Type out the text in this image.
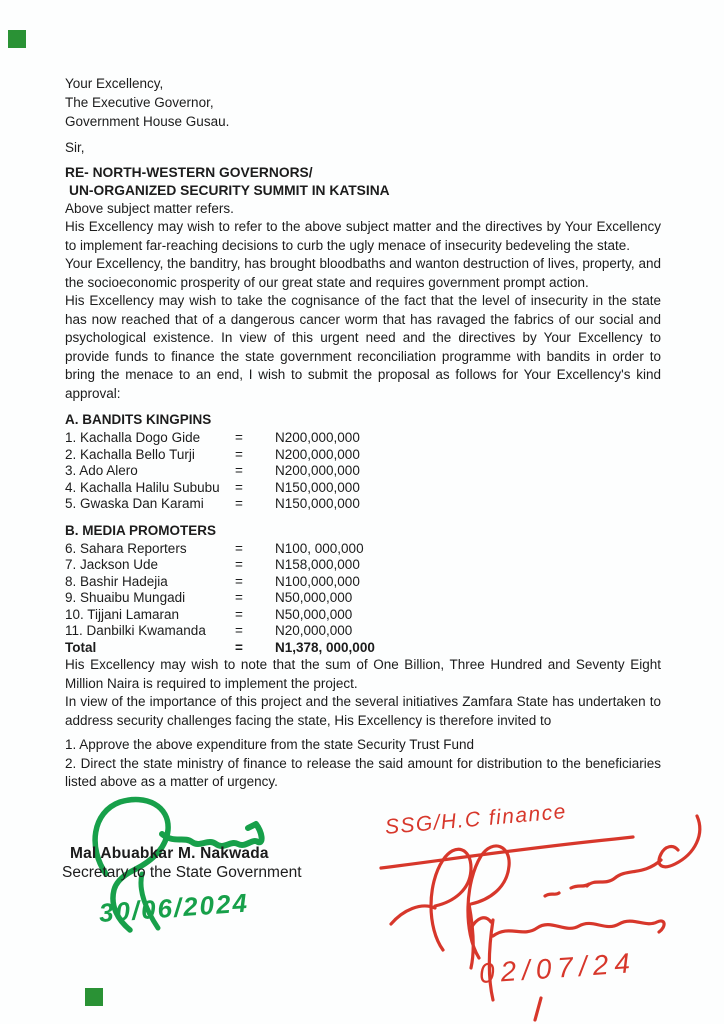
Your Excellency,
The Executive Governor,
Government House Gusau.
Sir,
RE- NORTH-WESTERN GOVERNORS/
UN-ORGANIZED SECURITY SUMMIT IN KATSINA

Above subject matter refers.

His Excellency may wish to refer to the above subject matter and the directives by Your Excellency to implement far-reaching decisions to curb the ugly menace of insecurity bedeveling the state.

Your Excellency, the banditry, has brought bloodbaths and wanton destruction of lives, property, and the socioeconomic prosperity of our great state and requires government prompt action.

His Excellency may wish to take the cognisance of the fact that the level of insecurity in the state has now reached that of a dangerous cancer worm that has ravaged the fabrics of our social and psychological existence. In view of this urgent need and the directives by Your Excellency to provide funds to finance the state government reconciliation programme with bandits in order to bring the menace to an end, I wish to submit the proposal as follows for Your Excellency's kind approval:

A. BANDITS KINGPINS
1. Kachalla Dogo Gide	=	N200,000,000
2. Kachalla Bello Turji	=	N200,000,000
3. Ado Alero	=	N200,000,000
4. Kachalla Halilu Sububu	=	N150,000,000
5. Gwaska Dan Karami	=	N150,000,000
B. MEDIA PROMOTERS
6. Sahara Reporters	=	N100, 000,000
7. Jackson Ude	=	N158,000,000
8. Bashir Hadejia	=	N100,000,000
9. Shuaibu Mungadi	=	N50,000,000
10. Tijjani Lamaran	=	N50,000,000
11. Danbilki Kwamanda	=	N20,000,000
Total	=	N1,378, 000,000

His Excellency may wish to note that the sum of One Billion, Three Hundred and Seventy Eight Million Naira is required to implement the project.

In view of the importance of this project and the several initiatives Zamfara State has undertaken to address security challenges facing the state, His Excellency is therefore invited to

1. Approve the above expenditure from the state Security Trust Fund

2. Direct the state ministry of finance to release the said amount for distribution to the beneficiaries listed above as a matter of urgency.

Mal Abuabkar M. Nakwada
Secretary to the State Government
30/06/2024
SSG/H.C finance
02/07/24
